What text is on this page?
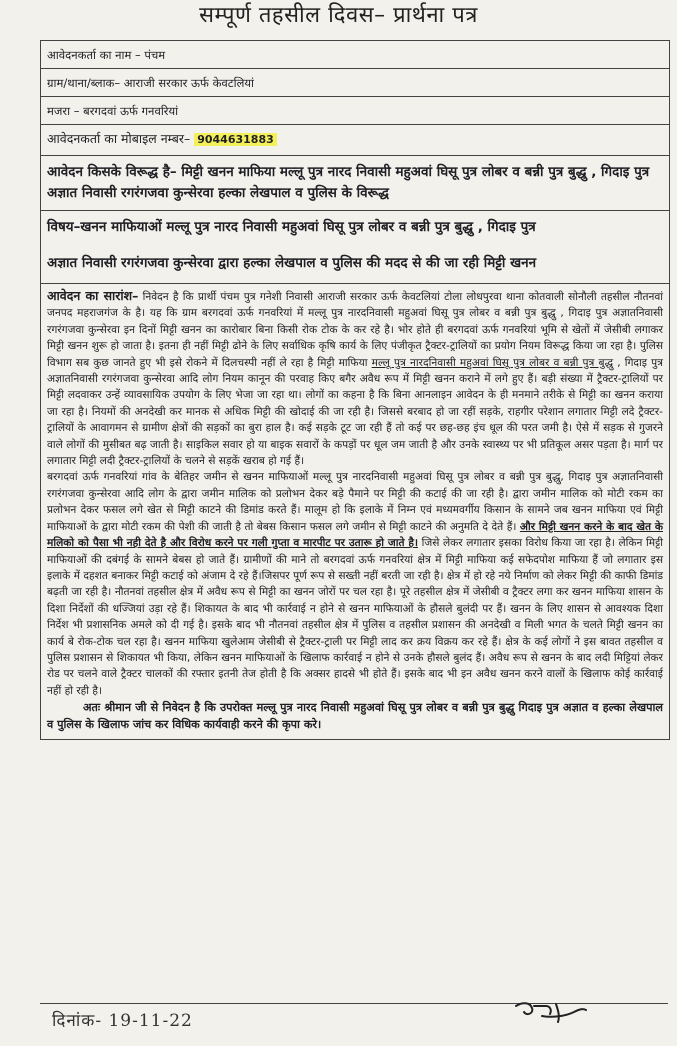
सम्पूर्ण तहसील दिवस– प्रार्थना पत्र
आवेदनकर्ता का नाम – पंचम
ग्राम/थाना/ब्लाक– आराजी सरकार ऊर्फ केवटलियां
मजरा – बरगदवां ऊर्फ गनवरियां
आवेदनकर्ता का मोबाइल नम्बर– 9044631883
आवेदन किसके विरूद्ध है– मिट्टी खनन माफिया मल्लू पुत्र नारद निवासी महुअवां घिसू पुत्र लोबर व बन्नी पुत्र बुद्धु , गिदाइ पुत्र अज्ञात निवासी रगरंगजवा कुन्सेरवा हल्का लेखपाल व पुलिस के विरूद्ध
विषय–खनन माफियाओं मल्लू पुत्र नारद निवासी महुअवां घिसू पुत्र लोबर व बन्नी पुत्र बुद्धु , गिदाइ पुत्र
अज्ञात निवासी रगरंगजवा कुन्सेरवा द्वारा हल्का लेखपाल व पुलिस की मदद से की जा रही मिट्टी खनन

आवेदन का सारांश– निवेदन है कि प्रार्थी पंचम पुत्र गनेशी निवासी आराजी सरकार ऊर्फ केवटलियां टोला लोधपुरवा थाना कोतवाली सोनौली तहसील नौतनवां जनपद महराजगंज के है। यह कि ग्राम बरगदवां ऊर्फ गनवरियां में मल्लू पुत्र नारदनिवासी महुअवां घिसू पुत्र लोबर व बन्नी पुत्र बुद्धु , गिदाइ पुत्र अज्ञातनिवासी रगरंगजवा कुन्सेरवा इन दिनों मिट्टी खनन का कारोबार बिना किसी रोक टोक के कर रहे है। भोर होते ही बरगदवां ऊर्फ गनवरियां भूमि से खेतों में जेसीबी लगाकर मिट्टी खनन शुरू हो जाता है। इतना ही नहीं मिट्टी ढोने के लिए सर्वाधिक कृषि कार्य के लिए पंजीकृत ट्रैक्टर-ट्रालियों का प्रयोग नियम विरूद्ध किया जा रहा है। पुलिस विभाग सब कुछ जानते हुए भी इसे रोकने में दिलचस्पी नहीं ले रहा है मिट्टी माफिया मल्लू पुत्र नारदनिवासी महुअवां घिसू पुत्र लोबर व बन्नी पुत्र बुद्धु , गिदाइ पुत्र अज्ञातनिवासी रगरंगजवा कुन्सेरवा आदि लोग नियम कानून की परवाह किए बगैर अवैध रूप में मिट्टी खनन कराने में लगे हुए हैं। बड़ी संख्या में ट्रैक्टर-ट्रालियों पर मिट्टी लदवाकर उन्हें व्यावसायिक उपयोग के लिए भेजा जा रहा था। लोगों का कहना है कि बिना आनलाइन आवेदन के ही मनमाने तरीके से मिट्टी का खनन कराया जा रहा है। नियमों की अनदेखी कर मानक से अधिक मिट्टी की खोदाई की जा रही है। जिससे बरबाद हो जा रहीं सड़के, राहगीर परेशान लगातार मिट्टी लदे ट्रैक्टर-ट्रालियों के आवागमन से ग्रामीण क्षेत्रों की सड़कों का बुरा हाल है। कई सड़के टूट जा रही हैं तो कई पर छह-छह इंच धूल की परत जमी है। ऐसे में सड़क से गुजरने वाले लोगों की मुसीबत बढ़ जाती है। साइकिल सवार हो या बाइक सवारों के कपड़ों पर धूल जम जाती है और उनके स्वास्थ्य पर भी प्रतिकूल असर पड़ता है। मार्ग पर लगातार मिट्टी लदी ट्रैक्टर-ट्रालियों के चलने से सड़कें खराब हो गई हैं।

बरगदवां ऊर्फ गनवरियां गांव के बेतिहर जमीन से खनन माफियाओं मल्लू पुत्र नारदनिवासी महुअवां घिसू पुत्र लोबर व बन्नी पुत्र बुद्धु, गिदाइ पुत्र अज्ञातनिवासी रगरंगजवा कुन्सेरवा आदि लोग के द्वारा जमीन मालिक को प्रलोभन देकर बड़े पैमाने पर मिट्टी की कटाई की जा रही है। द्वारा जमीन मालिक को मोटी रकम का प्रलोभन देकर फसल लगे खेत से मिट्टी काटने की डिमांड करते हैं। मालूम हो कि इलाके में निम्न एवं मध्यमवर्गीय किसान के सामने जब खनन माफिया एवं मिट्टी माफियाओं के द्वारा मोटी रकम की पेशी की जाती है तो बेबस किसान फसल लगे जमीन से मिट्टी काटने की अनुमति दे देते हैं। और मिट्टी खनन करने के बाद खेत के मलिको को पैसा भी नही देते है और विरोध करने पर गली गुप्ता व मारपीट पर उतारू हो जाते है। जिसे लेकर लगातार इसका विरोध किया जा रहा है। लेकिन मिट्टी माफियाओं की दबंगई के सामने बेबस हो जाते हैं। ग्रामीणों की माने तो बरगदवां ऊर्फ गनवरियां क्षेत्र में मिट्टी माफिया कई सफेदपोश माफिया हैं जो लगातार इस इलाके में दहशत बनाकर मिट्टी कटाई को अंजाम दे रहे हैं।जिसपर पूर्ण रूप से सख्ती नहीं बरती जा रही है। क्षेत्र में हो रहे नये निर्माण को लेकर मिट्टी की काफी डिमांड बढ़ती जा रही है। नौतनवां तहसील क्षेत्र में अवैध रूप से मिट्टी का खनन जोरों पर चल रहा है। पूरे तहसील क्षेत्र में जेसीबी व ट्रैक्टर लगा कर खनन माफिया शासन के दिशा निर्देशों की धज्जियां उड़ा रहे हैं। शिकायत के बाद भी कार्रवाई न होने से खनन माफियाओं के हौसले बुलंदी पर हैं। खनन के लिए शासन से आवश्यक दिशा निर्देश भी प्रशासनिक अमले को दी गई है। इसके बाद भी नौतनवां तहसील क्षेत्र में पुलिस व तहसील प्रशासन की अनदेखी व मिली भगत के चलते मिट्टी खनन का कार्य बे रोक-टोक चल रहा है। खनन माफिया खुलेआम जेसीबी से ट्रैक्टर-ट्राली पर मिट्टी लाद कर क्रय विक्रय कर रहे हैं। क्षेत्र के कई लोगों ने इस बावत तहसील व पुलिस प्रशासन से शिकायत भी किया, लेकिन खनन माफियाओं के खिलाफ कार्रवाई न होने से उनके हौसले बुलंद हैं। अवैध रूप से खनन के बाद लदी मिट्टियां लेकर रोड पर चलने वाले ट्रैक्टर चालकों की रफ्तार इतनी तेज होती है कि अक्सर हादसे भी होते हैं। इसके बाद भी इन अवैध खनन करने वालों के खिलाफ कोई कार्रवाई नहीं हो रही है।

अतः श्रीमान जी से निवेदन है कि उपरोक्त मल्लू पुत्र नारद निवासी महुअवां घिसू पुत्र लोबर व बन्नी पुत्र बुद्धु गिदाइ पुत्र अज्ञात व हल्का लेखपाल व पुलिस के खिलाफ जांच कर विधिक कार्यवाही करने की कृपा करे।

दिनांक- 19-11-22
